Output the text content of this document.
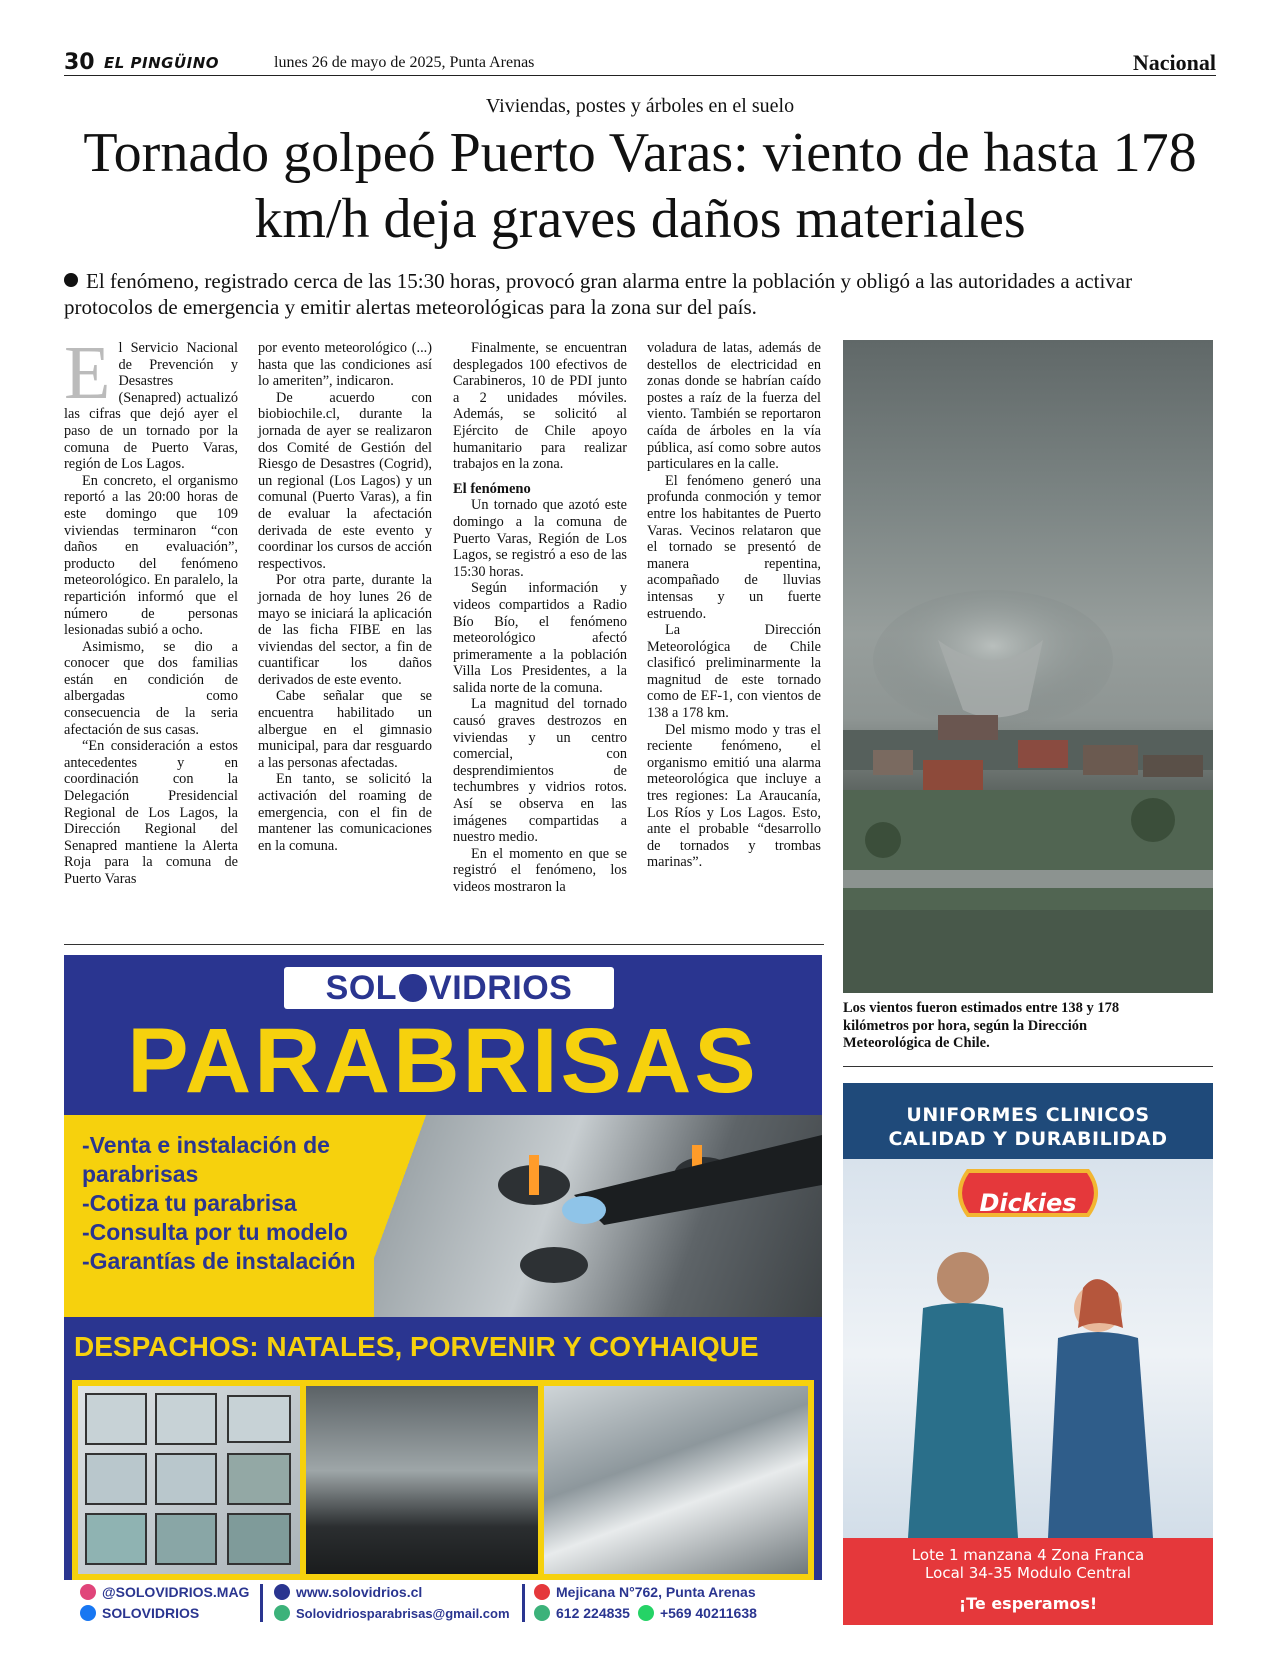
30 EL PINGÜINO	lunes 26 de mayo de 2025, Punta Arenas	Nacional
Viviendas, postes y árboles en el suelo
Tornado golpeó Puerto Varas: viento de hasta 178 km/h deja graves daños materiales
El fenómeno, registrado cerca de las 15:30 horas, provocó gran alarma entre la población y obligó a las autoridades a activar protocolos de emergencia y emitir alertas meteorológicas para la zona sur del país.

El Servicio Nacional de Prevención y Desastres (Senapred) actualizó las cifras que dejó ayer el paso de un tornado por la comuna de Puerto Varas, región de Los Lagos.

En concreto, el organismo reportó a las 20:00 horas de este domingo que 109 viviendas terminaron “con daños en evaluación”, producto del fenómeno meteorológico. En paralelo, la repartición informó que el número de personas lesionadas subió a ocho.

Asimismo, se dio a conocer que dos familias están en condición de albergadas como consecuencia de la seria afectación de sus casas.

“En consideración a estos antecedentes y en coordinación con la Delegación Presidencial Regional de Los Lagos, la Dirección Regional del Senapred mantiene la Alerta Roja para la comuna de Puerto Varas

por evento meteorológico (...) hasta que las condiciones así lo ameriten”, indicaron.

De acuerdo con biobiochile.cl, durante la jornada de ayer se realizaron dos Comité de Gestión del Riesgo de Desastres (Cogrid), un regional (Los Lagos) y un comunal (Puerto Varas), a fin de evaluar la afectación derivada de este evento y coordinar los cursos de acción respectivos.

Por otra parte, durante la jornada de hoy lunes 26 de mayo se iniciará la aplicación de las ficha FIBE en las viviendas del sector, a fin de cuantificar los daños derivados de este evento.

Cabe señalar que se encuentra habilitado un albergue en el gimnasio municipal, para dar resguardo a las personas afectadas.

En tanto, se solicitó la activación del roaming de emergencia, con el fin de mantener las comunicaciones en la comuna.

Finalmente, se encuentran desplegados 100 efectivos de Carabineros, 10 de PDI junto a 2 unidades móviles. Además, se solicitó al Ejército de Chile apoyo humanitario para realizar trabajos en la zona.

El fenómeno

Un tornado que azotó este domingo a la comuna de Puerto Varas, Región de Los Lagos, se registró a eso de las 15:30 horas.

Según información y videos compartidos a Radio Bío Bío, el fenómeno meteorológico afectó primeramente a la población Villa Los Presidentes, a la salida norte de la comuna.

La magnitud del tornado causó graves destrozos en viviendas y un centro comercial, con desprendimientos de techumbres y vidrios rotos. Así se observa en las imágenes compartidas a nuestro medio.

En el momento en que se registró el fenómeno, los videos mostraron la

voladura de latas, además de destellos de electricidad en zonas donde se habrían caído postes a raíz de la fuerza del viento. También se reportaron caída de árboles en la vía pública, así como sobre autos particulares en la calle.

El fenómeno generó una profunda conmoción y temor entre los habitantes de Puerto Varas. Vecinos relataron que el tornado se presentó de manera repentina, acompañado de lluvias intensas y un fuerte estruendo.

La Dirección Meteorológica de Chile clasificó preliminarmente la magnitud de este tornado como de EF-1, con vientos de 138 a 178 km.

Del mismo modo y tras el reciente fenómeno, el organismo emitió una alarma meteorológica que incluye a tres regiones: La Araucanía, Los Ríos y Los Lagos. Esto, ante el probable “desarrollo de tornados y trombas marinas”.

Los vientos fueron estimados entre 138 y 178 kilómetros por hora, según la Dirección Meteorológica de Chile.
SOL VIDRIOS
PARABRISAS
-Venta e instalación de parabrisas
-Cotiza tu parabrisa
-Consulta por tu modelo
-Garantías de instalación
DESPACHOS: NATALES, PORVENIR Y COYHAIQUE
@SOLOVIDRIOS.MAG
SOLOVIDRIOS
www.solovidrios.cl
Solovidriosparabrisas@gmail.com
Mejicana N°762, Punta Arenas
612 224835 +569 40211638
UNIFORMES CLINICOS
CALIDAD Y DURABILIDAD
Dickies
Lote 1 manzana 4 Zona Franca
Local 34-35 Modulo Central
¡Te esperamos!
